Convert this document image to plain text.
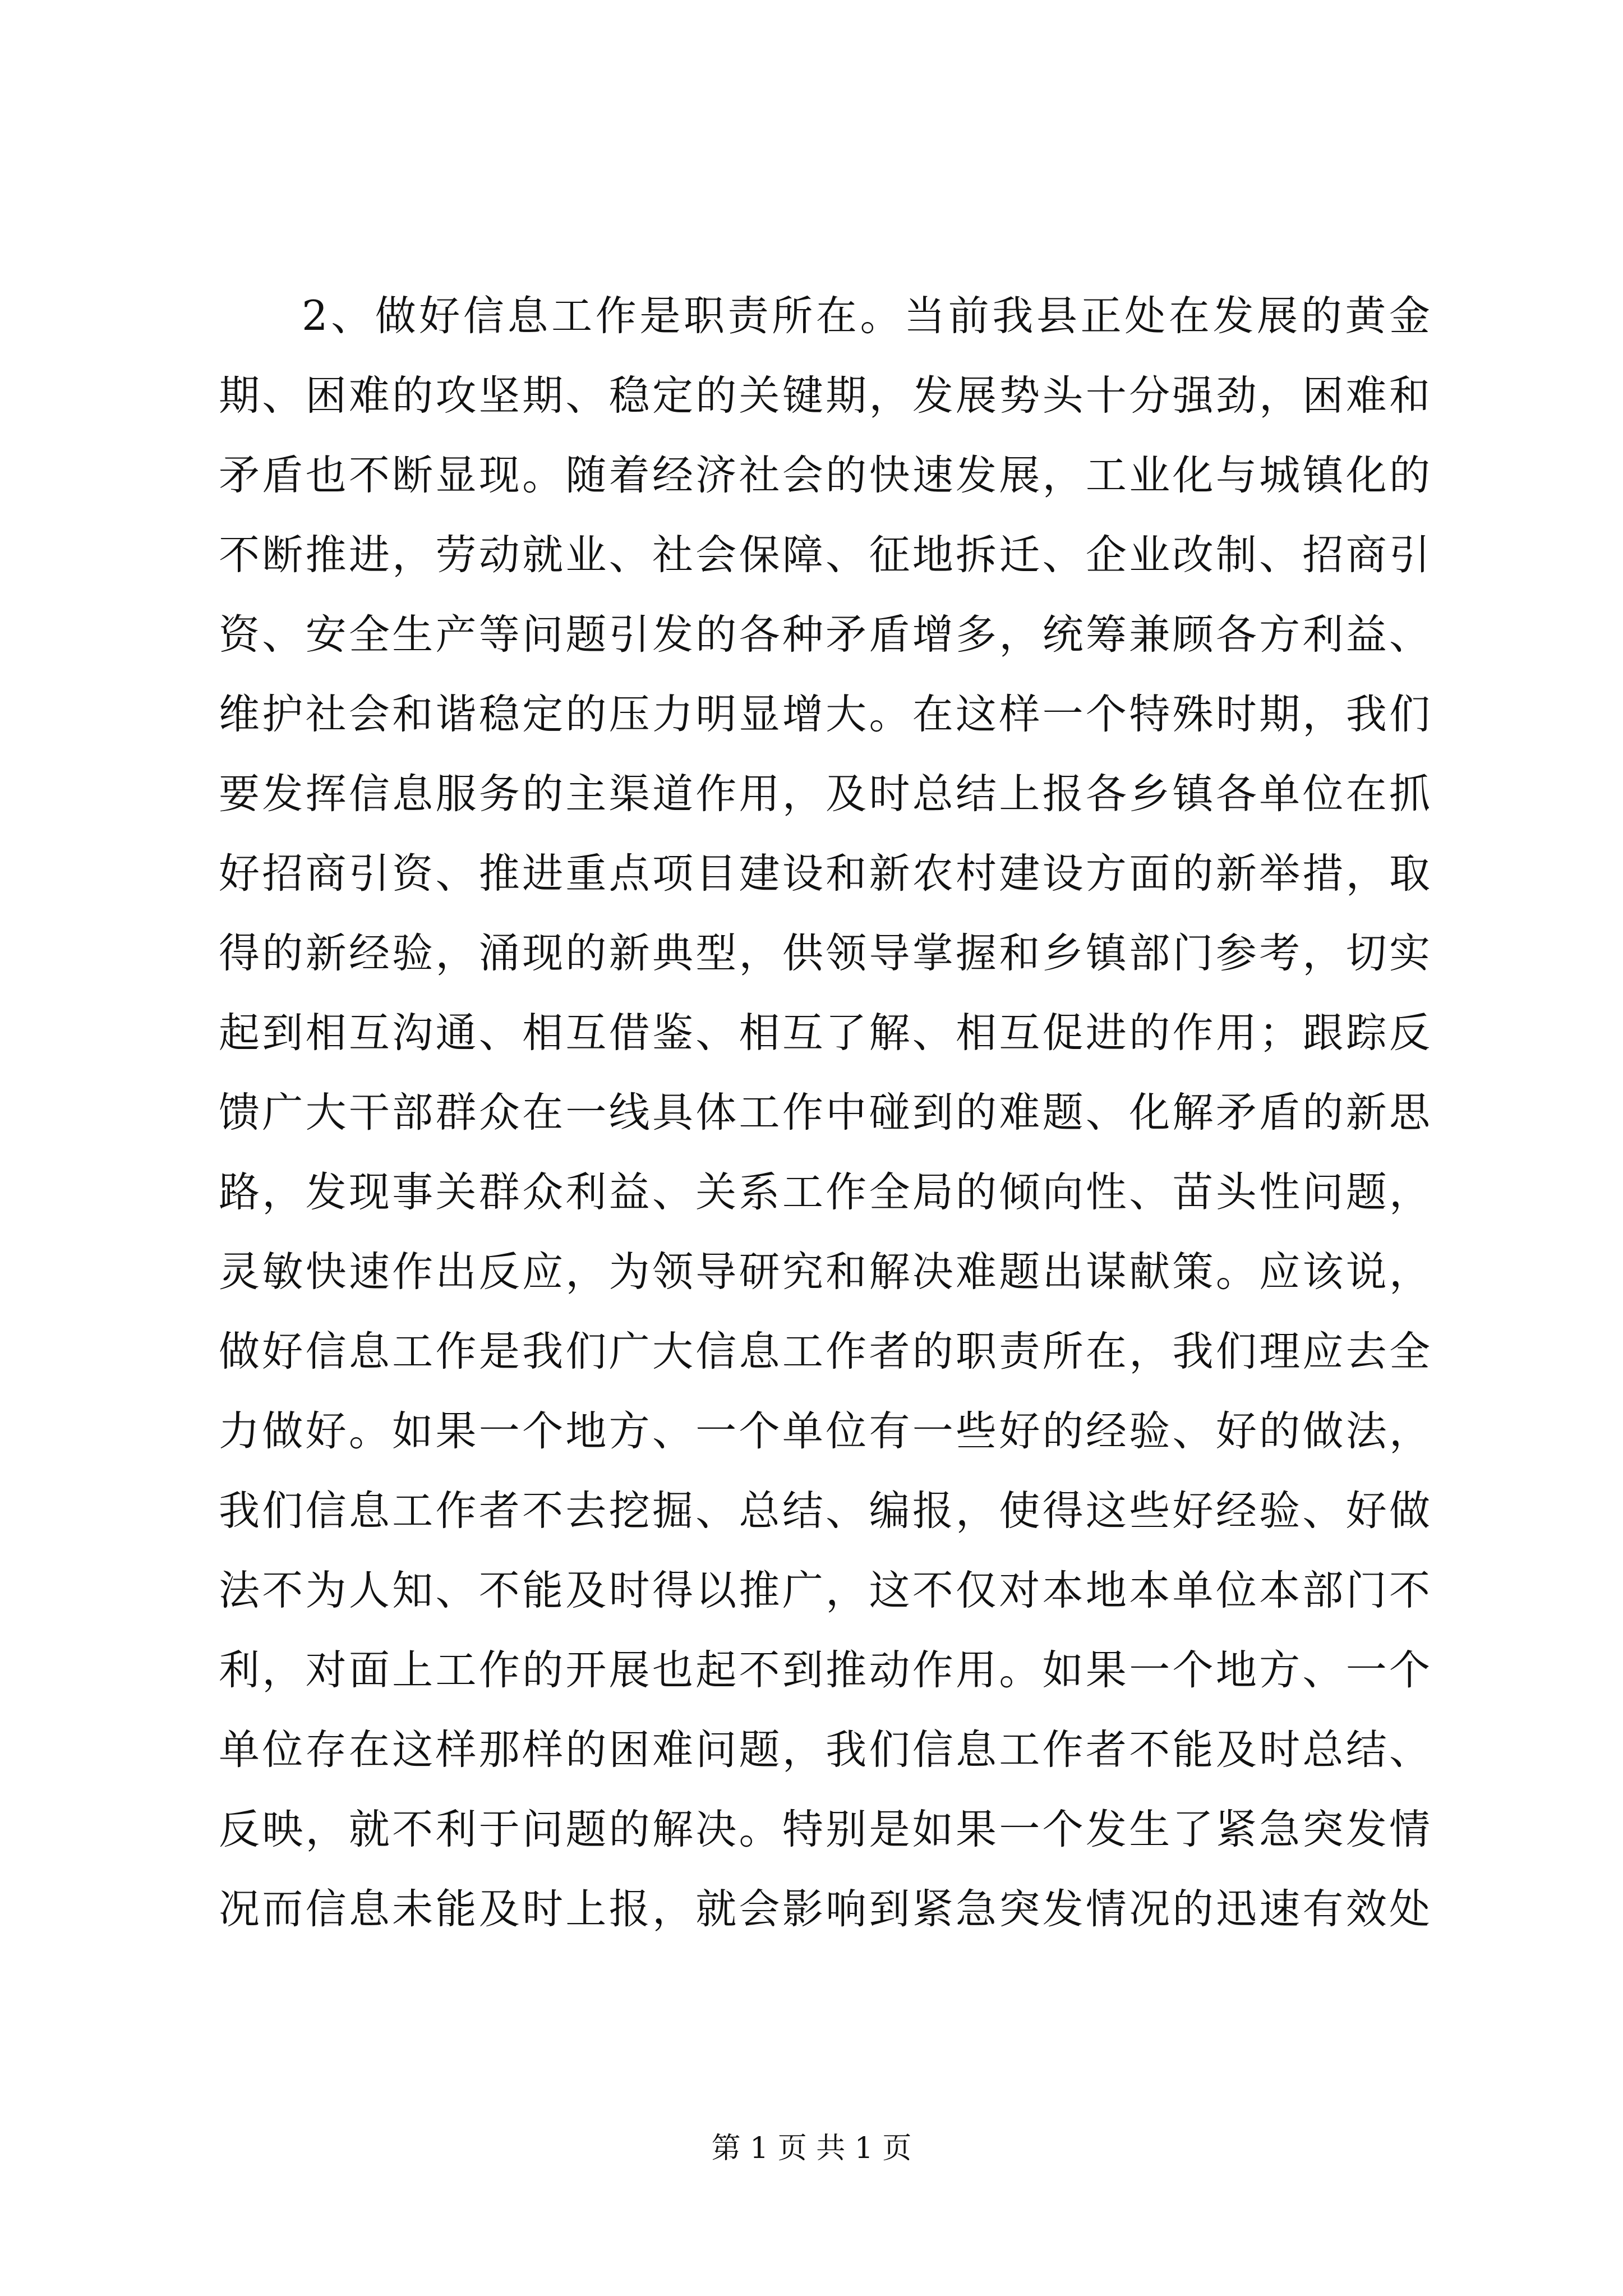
2、做好信息工作是职责所在。当前我县正处在发展的黄金
期、困难的攻坚期、稳定的关键期，发展势头十分强劲，困难和
矛盾也不断显现。随着经济社会的快速发展，工业化与城镇化的
不断推进，劳动就业、社会保障、征地拆迁、企业改制、招商引
资、安全生产等问题引发的各种矛盾增多，统筹兼顾各方利益、
维护社会和谐稳定的压力明显增大。在这样一个特殊时期，我们
要发挥信息服务的主渠道作用，及时总结上报各乡镇各单位在抓
好招商引资、推进重点项目建设和新农村建设方面的新举措，取
得的新经验，涌现的新典型，供领导掌握和乡镇部门参考，切实
起到相互沟通、相互借鉴、相互了解、相互促进的作用；跟踪反
馈广大干部群众在一线具体工作中碰到的难题、化解矛盾的新思
路，发现事关群众利益、关系工作全局的倾向性、苗头性问题，
灵敏快速作出反应，为领导研究和解决难题出谋献策。应该说，
做好信息工作是我们广大信息工作者的职责所在，我们理应去全
力做好。如果一个地方、一个单位有一些好的经验、好的做法，
我们信息工作者不去挖掘、总结、编报，使得这些好经验、好做
法不为人知、不能及时得以推广，这不仅对本地本单位本部门不
利，对面上工作的开展也起不到推动作用。如果一个地方、一个
单位存在这样那样的困难问题，我们信息工作者不能及时总结、
反映，就不利于问题的解决。特别是如果一个发生了紧急突发情
况而信息未能及时上报，就会影响到紧急突发情况的迅速有效处
第 1 页 共 1 页
